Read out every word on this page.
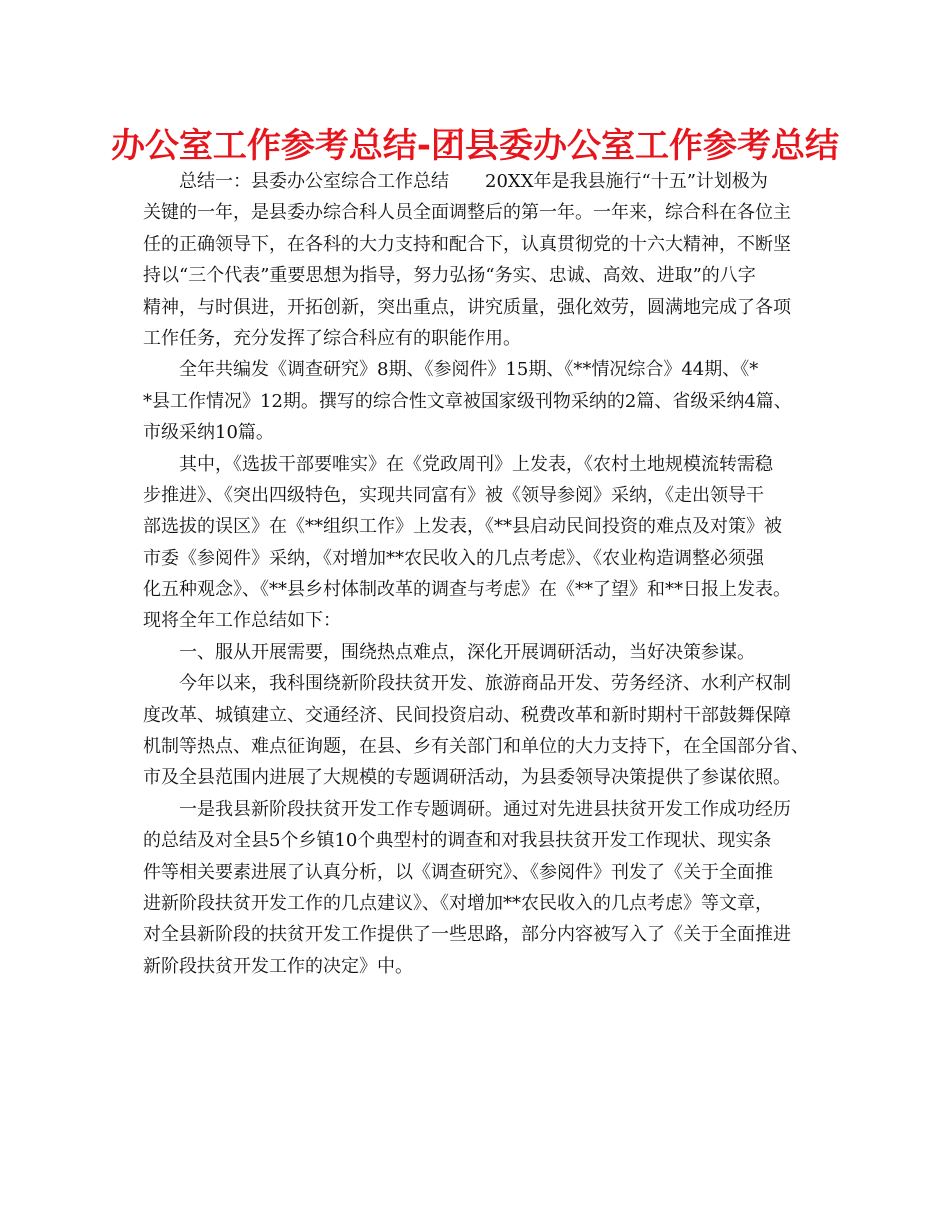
办公室工作参考总结-团县委办公室工作参考总结
总结一：县委办公室综合工作总结　　20XX年是我县施行“十五”计划极为
关键的一年，是县委办综合科人员全面调整后的第一年。一年来，综合科在各位主
任的正确领导下，在各科的大力支持和配合下，认真贯彻党的十六大精神，不断坚
持以“三个代表”重要思想为指导，努力弘扬“务实、忠诚、高效、进取”的八字
精神，与时俱进，开拓创新，突出重点，讲究质量，强化效劳，圆满地完成了各项
工作任务，充分发挥了综合科应有的职能作用。
全年共编发《调查研究》8期、《参阅件》15期、《**情况综合》44期、《*
*县工作情况》12期。撰写的综合性文章被国家级刊物采纳的2篇、省级采纳4篇、
市级采纳10篇。
其中，《选拔干部要唯实》在《党政周刊》上发表，《农村土地规模流转需稳
步推进》、《突出四级特色，实现共同富有》被《领导参阅》采纳，《走出领导干
部选拔的误区》在《**组织工作》上发表，《**县启动民间投资的难点及对策》被
市委《参阅件》采纳，《对增加**农民收入的几点考虑》、《农业构造调整必须强
化五种观念》、《**县乡村体制改革的调查与考虑》在《**了望》和**日报上发表。
现将全年工作总结如下：
一、服从开展需要，围绕热点难点，深化开展调研活动，当好决策参谋。
今年以来，我科围绕新阶段扶贫开发、旅游商品开发、劳务经济、水利产权制
度改革、城镇建立、交通经济、民间投资启动、税费改革和新时期村干部鼓舞保障
机制等热点、难点征询题，在县、乡有关部门和单位的大力支持下，在全国部分省、
市及全县范围内进展了大规模的专题调研活动，为县委领导决策提供了参谋依照。
一是我县新阶段扶贫开发工作专题调研。通过对先进县扶贫开发工作成功经历
的总结及对全县5个乡镇10个典型村的调查和对我县扶贫开发工作现状、现实条
件等相关要素进展了认真分析，以《调查研究》、《参阅件》刊发了《关于全面推
进新阶段扶贫开发工作的几点建议》、《对增加**农民收入的几点考虑》等文章，
对全县新阶段的扶贫开发工作提供了一些思路，部分内容被写入了《关于全面推进
新阶段扶贫开发工作的决定》中。
